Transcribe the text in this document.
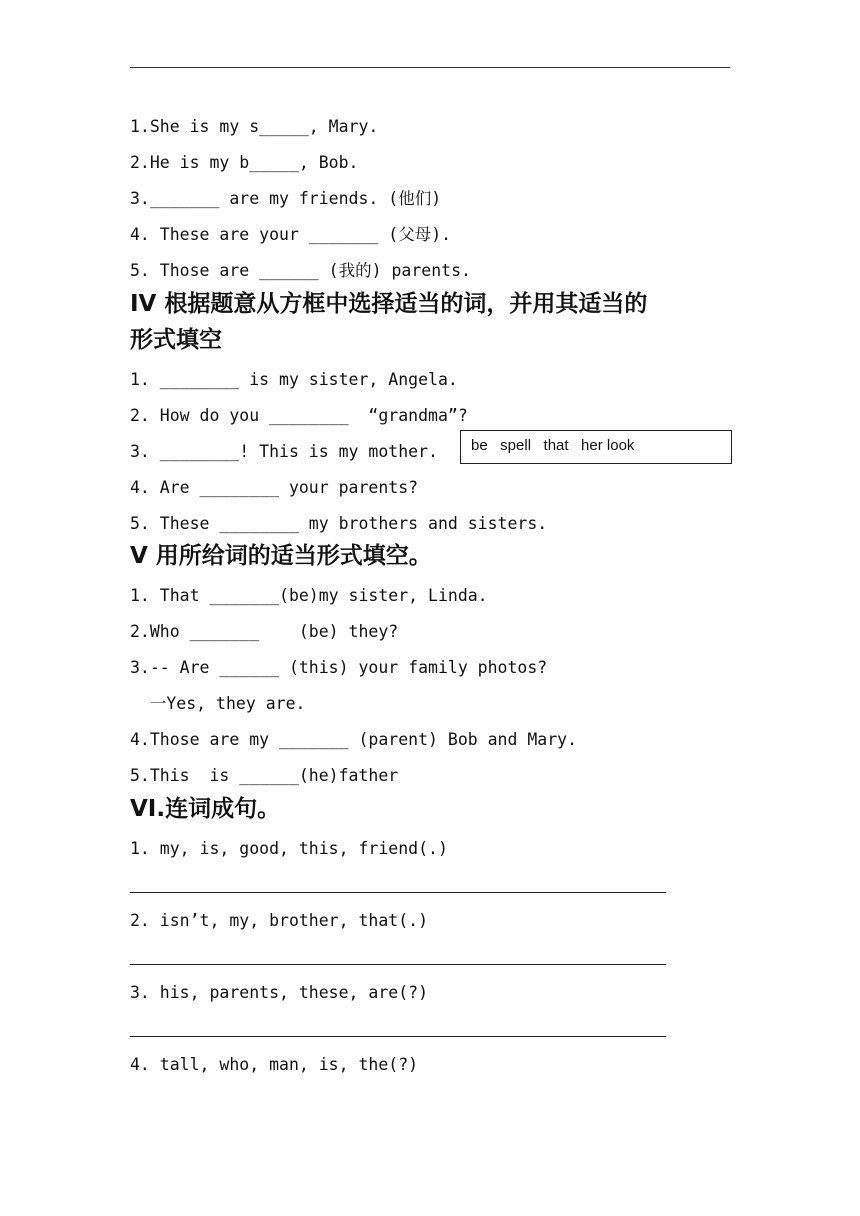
1.She is my s_____, Mary.
2.He is my b_____, Bob.
3._______ are my friends. (他们)
4. These are your _______ (父母).
5. Those are ______ (我的) parents.
IV 根据题意从方框中选择适当的词，并用其适当的
形式填空
1. ________ is my sister, Angela.
2. How do you ________  “grandma”?
3. ________! This is my mother.
4. Are ________ your parents?
5. These ________ my brothers and sisters.
be   spell   that   her look
V 用所给词的适当形式填空。
1. That _______(be)my sister, Linda.
2.Who _______    (be) they?
3.-- Are ______ (this) your family photos?
一Yes, they are.
4.Those are my _______ (parent) Bob and Mary.
5.This  is ______(he)father
VI.连词成句。
1. my, is, good, this, friend(.)
2. isn’t, my, brother, that(.)
3. his, parents, these, are(?)
4. tall, who, man, is, the(?)
